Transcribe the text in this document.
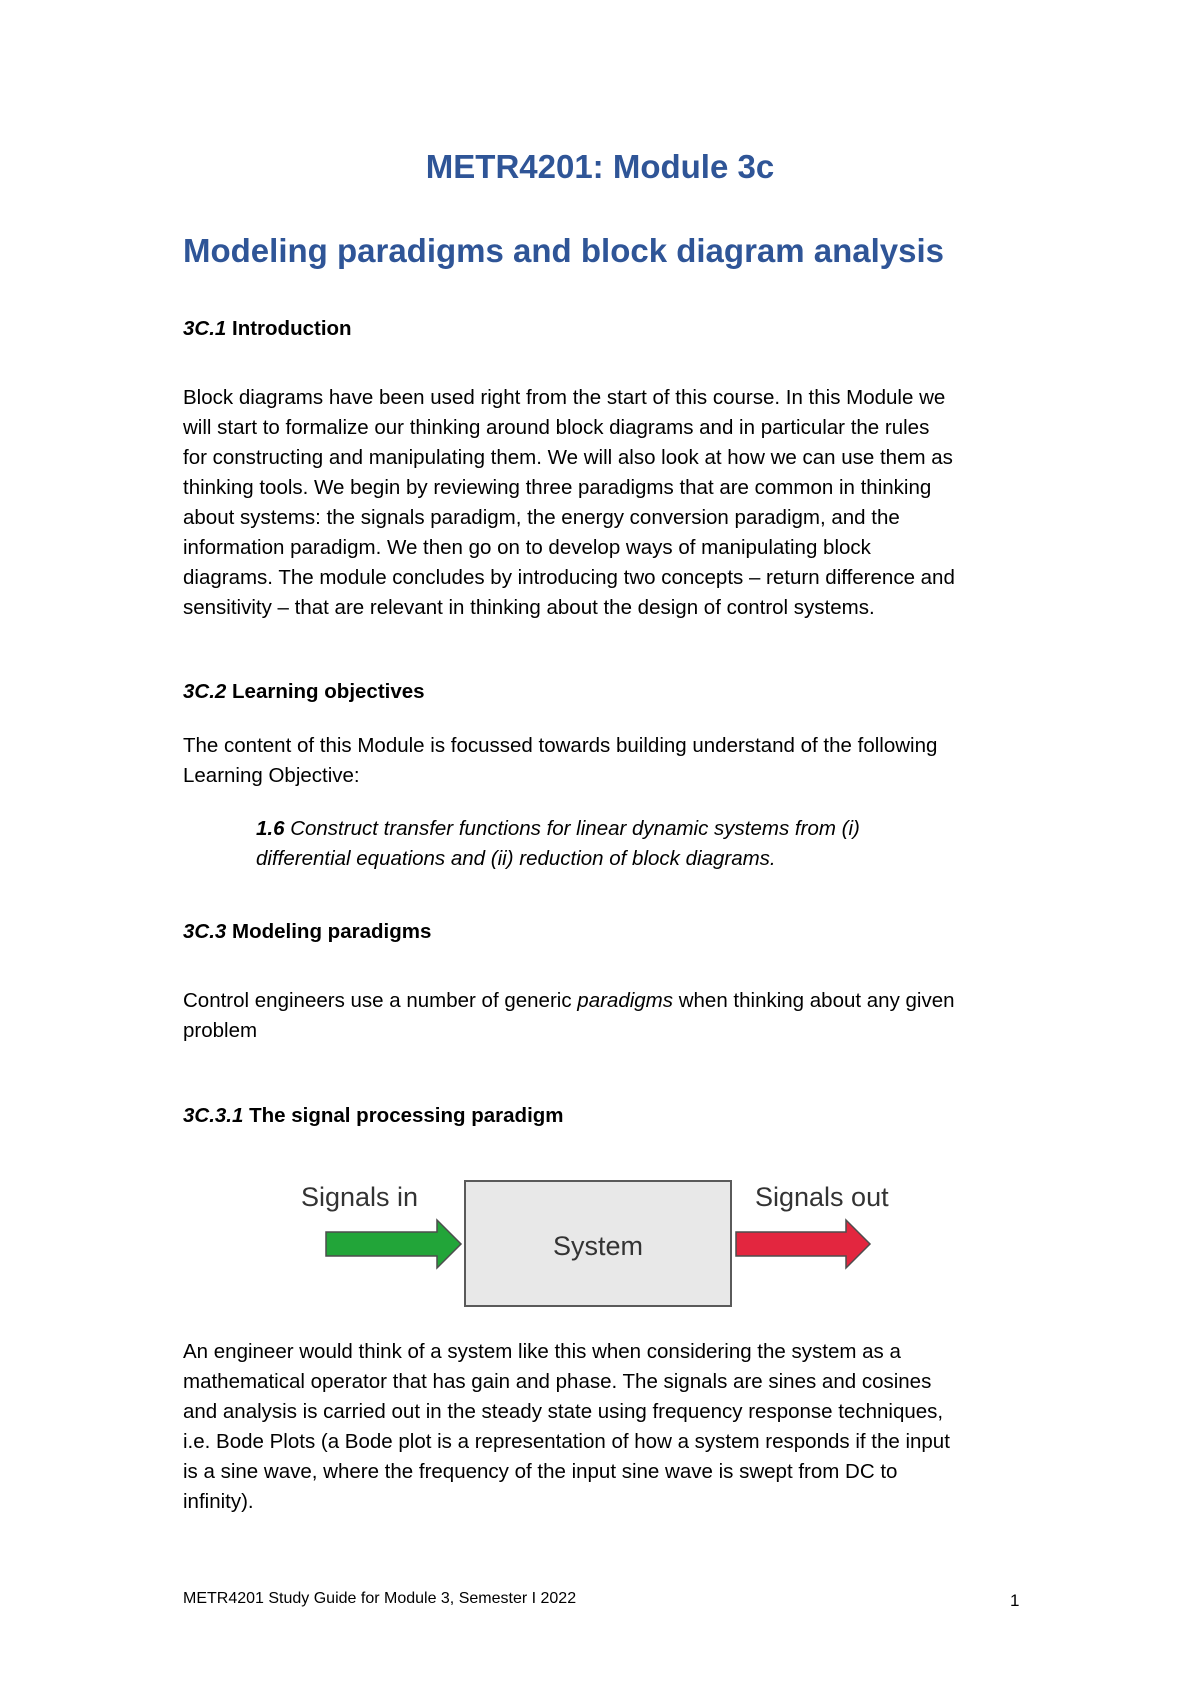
METR4201: Module 3c
Modeling paradigms and block diagram analysis

3C.1 Introduction

Block diagrams have been used right from the start of this course. In this Module we
will start to formalize our thinking around block diagrams and in particular the rules
for constructing and manipulating them. We will also look at how we can use them as
thinking tools. We begin by reviewing three paradigms that are common in thinking
about systems: the signals paradigm, the energy conversion paradigm, and the
information paradigm. We then go on to develop ways of manipulating block
diagrams. The module concludes by introducing two concepts – return difference and
sensitivity – that are relevant in thinking about the design of control systems.

3C.2 Learning objectives

The content of this Module is focussed towards building understand of the following
Learning Objective:

1.6 Construct transfer functions for linear dynamic systems from (i)
differential equations and (ii) reduction of block diagrams.

3C.3 Modeling paradigms

Control engineers use a number of generic paradigms when thinking about any given
problem

3C.3.1 The signal processing paradigm

Signals in	Signals out
System

An engineer would think of a system like this when considering the system as a
mathematical operator that has gain and phase. The signals are sines and cosines
and analysis is carried out in the steady state using frequency response techniques,
i.e. Bode Plots (a Bode plot is a representation of how a system responds if the input
is a sine wave, where the frequency of the input sine wave is swept from DC to
infinity).

METR4201 Study Guide for Module 3, Semester I 2022	1
